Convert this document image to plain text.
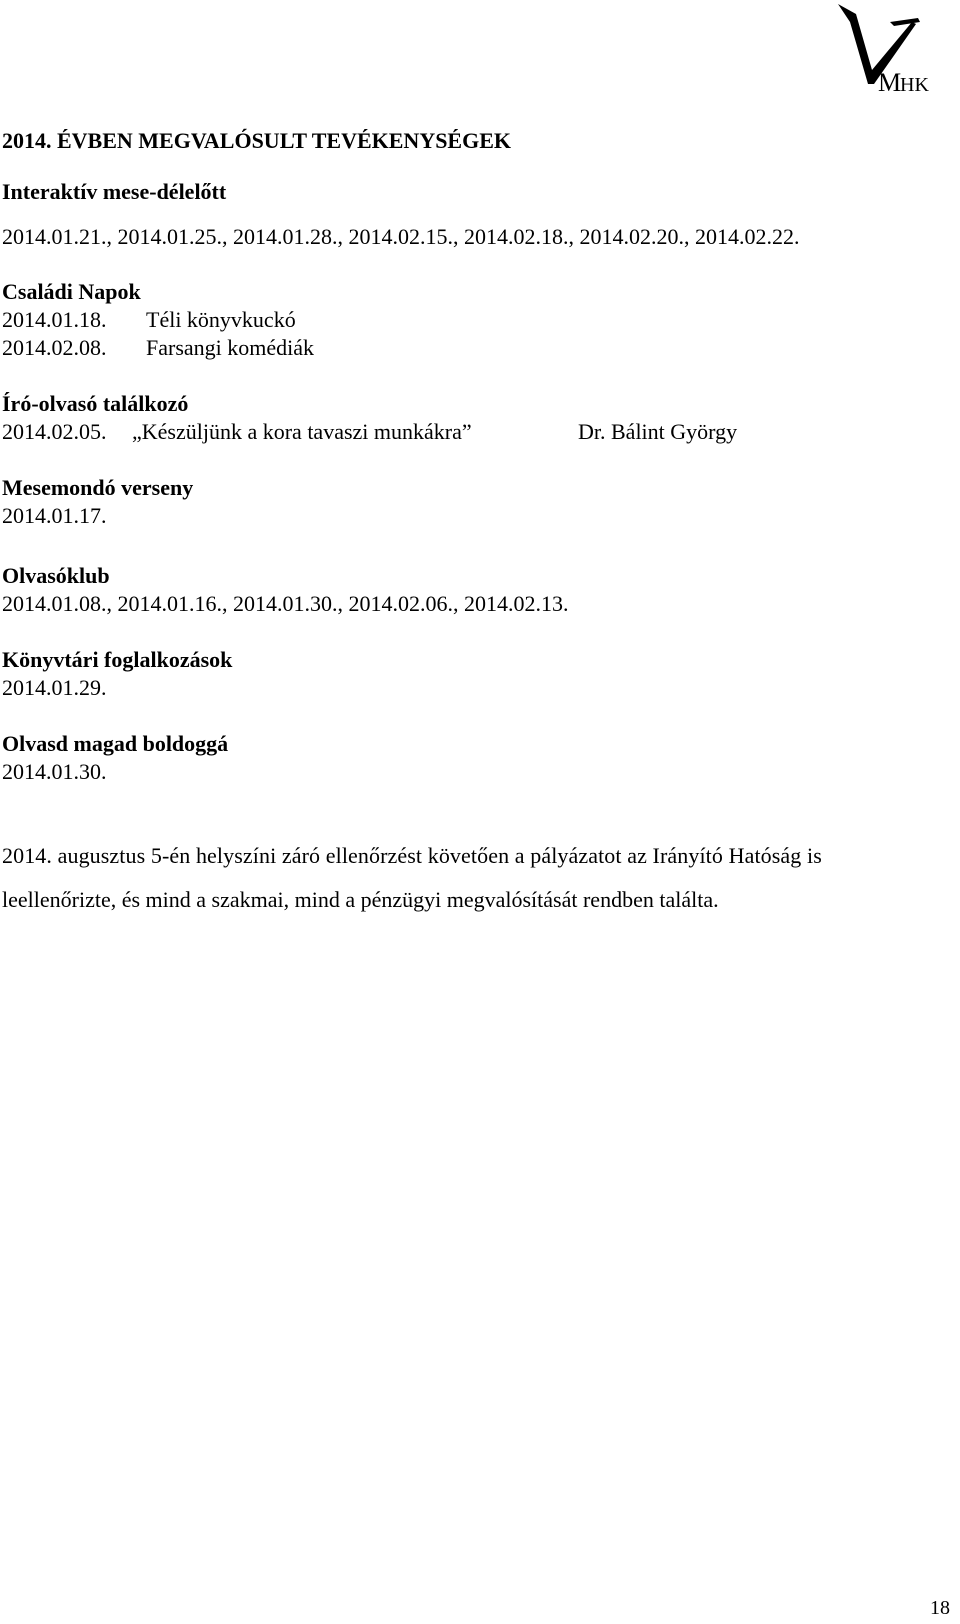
M
HK
2014. ÉVBEN MEGVALÓSULT TEVÉKENYSÉGEK
Interaktív mese-délelőtt
2014.01.21., 2014.01.25., 2014.01.28., 2014.02.15., 2014.02.18., 2014.02.20., 2014.02.22.
Családi Napok
2014.01.18. Téli könyvkuckó
2014.02.08. Farsangi komédiák
Író-olvasó találkozó
2014.02.05. „Készüljünk a kora tavaszi munkákra”	Dr. Bálint György
Mesemondó verseny
2014.01.17.
Olvasóklub
2014.01.08., 2014.01.16., 2014.01.30., 2014.02.06., 2014.02.13.
Könyvtári foglalkozások
2014.01.29.
Olvasd magad boldoggá
2014.01.30.
2014. augusztus 5-én helyszíni záró ellenőrzést követően a pályázatot az Irányító Hatóság is
leellenőrizte, és mind a szakmai, mind a pénzügyi megvalósítását rendben találta.
18
